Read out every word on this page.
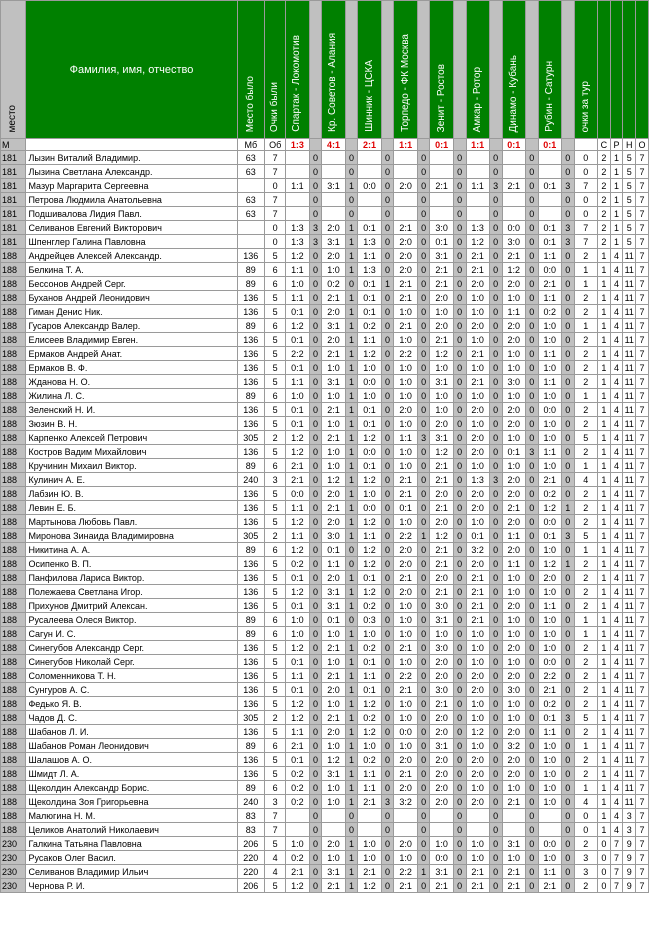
место	Фамилия, имя, отчество	Место было	Очки были	Спартак - Локомотив		Кр. Советов - Алания		Шинник - ЦСКА		Торпедо - ФК Москва		Зенит - Ростов		Амкар - Ротор		Динамо - Кубань		Рубин - Сатурн		очки за тур				
М		Мб	Об	1:3		4:1		2:1		1:1		0:1		1:1		0:1		0:1			С	Р	Н	О
181	Лызин Виталий Владимир.	63	7		0		0		0		0		0		0		0		0	0	2	1	5	7
181	Лызина Светлана Александр.	63	7		0		0		0		0		0		0		0		0	0	2	1	5	7
181	Мазур Маргарита Сергеевна		0	1:1	0	3:1	1	0:0	0	2:0	0	2:1	0	1:1	3	2:1	0	0:1	3	7	2	1	5	7
181	Петрова Людмила Анатольевна	63	7		0		0		0		0		0		0		0		0	0	2	1	5	7
181	Подшивалова Лидия Павл.	63	7		0		0		0		0		0		0		0		0	0	2	1	5	7
181	Селиванов Евгений Викторович		0	1:3	3	2:0	1	0:1	0	2:1	0	3:0	0	1:3	0	0:0	0	0:1	3	7	2	1	5	7
181	Шпенглер Галина Павловна		0	1:3	3	3:1	1	1:3	0	2:0	0	0:1	0	1:2	0	3:0	0	0:1	3	7	2	1	5	7
188	Андрейцев Алексей Александр.	136	5	1:2	0	2:0	1	1:1	0	2:0	0	3:1	0	2:1	0	2:1	0	1:1	0	2	1	4	11	7
188	Белкина Т. А.	89	6	1:1	0	1:0	1	1:3	0	2:0	0	2:1	0	2:1	0	1:2	0	0:0	0	1	1	4	11	7
188	Бессонов Андрей Серг.	89	6	1:0	0	0:2	0	0:1	1	2:1	0	2:1	0	2:0	0	2:0	0	2:1	0	1	1	4	11	7
188	Буханов Андрей Леонидович	136	5	1:1	0	2:1	1	0:1	0	2:1	0	2:0	0	1:0	0	1:0	0	1:1	0	2	1	4	11	7
188	Гиман Денис Ник.	136	5	0:1	0	2:0	1	0:1	0	1:0	0	1:0	0	1:0	0	1:1	0	0:2	0	2	1	4	11	7
188	Гусаров Александр Валер.	89	6	1:2	0	3:1	1	0:2	0	2:1	0	2:0	0	2:0	0	2:0	0	1:0	0	1	1	4	11	7
188	Елисеев Владимир Евген.	136	5	0:1	0	2:0	1	1:1	0	1:0	0	2:1	0	1:0	0	2:0	0	1:0	0	2	1	4	11	7
188	Ермаков Андрей Анат.	136	5	2:2	0	2:1	1	1:2	0	2:2	0	1:2	0	2:1	0	1:0	0	1:1	0	2	1	4	11	7
188	Ермаков В. Ф.	136	5	0:1	0	1:0	1	1:0	0	1:0	0	1:0	0	1:0	0	1:0	0	1:0	0	2	1	4	11	7
188	Жданова Н. О.	136	5	1:1	0	3:1	1	0:0	0	1:0	0	3:1	0	2:1	0	3:0	0	1:1	0	2	1	4	11	7
188	Жилина Л. С.	89	6	1:0	0	1:0	1	1:0	0	1:0	0	1:0	0	1:0	0	1:0	0	1:0	0	1	1	4	11	7
188	Зеленский Н. И.	136	5	0:1	0	2:1	1	0:1	0	2:0	0	1:0	0	2:0	0	2:0	0	0:0	0	2	1	4	11	7
188	Зюзин В. Н.	136	5	0:1	0	1:0	1	0:1	0	1:0	0	2:0	0	1:0	0	2:0	0	1:0	0	2	1	4	11	7
188	Карпенко Алексей Петрович	305	2	1:2	0	2:1	1	1:2	0	1:1	3	3:1	0	2:0	0	1:0	0	1:0	0	5	1	4	11	7
188	Костров Вадим Михайлович	136	5	1:2	0	1:0	1	0:0	0	1:0	0	1:2	0	2:0	0	0:1	3	1:1	0	2	1	4	11	7
188	Кручинин Михаил Виктор.	89	6	2:1	0	1:0	1	0:1	0	1:0	0	2:1	0	1:0	0	1:0	0	1:0	0	1	1	4	11	7
188	Кулинич А. Е.	240	3	2:1	0	1:2	1	1:2	0	2:1	0	2:1	0	1:3	3	2:0	0	2:1	0	4	1	4	11	7
188	Лабзин Ю. В.	136	5	0:0	0	2:0	1	1:0	0	2:1	0	2:0	0	2:0	0	2:0	0	0:2	0	2	1	4	11	7
188	Левин Е. Б.	136	5	1:1	0	2:1	1	0:0	0	0:1	0	2:1	0	2:0	0	2:1	0	1:2	1	2	1	4	11	7
188	Мартынова Любовь Павл.	136	5	1:2	0	2:0	1	1:2	0	1:0	0	2:0	0	1:0	0	2:0	0	0:0	0	2	1	4	11	7
188	Миронова Зинаида Владимировна	305	2	1:1	0	3:0	1	1:1	0	2:2	1	1:2	0	0:1	0	1:1	0	0:1	3	5	1	4	11	7
188	Никитина А. А.	89	6	1:2	0	0:1	0	1:2	0	2:0	0	2:1	0	3:2	0	2:0	0	1:0	0	1	1	4	11	7
188	Осипенко В. П.	136	5	0:2	0	1:1	0	1:2	0	2:0	0	2:1	0	2:0	0	1:1	0	1:2	1	2	1	4	11	7
188	Панфилова Лариса Виктор.	136	5	0:1	0	2:0	1	0:1	0	2:1	0	2:0	0	2:1	0	1:0	0	2:0	0	2	1	4	11	7
188	Полежаева Светлана Игор.	136	5	1:2	0	3:1	1	1:2	0	2:0	0	2:1	0	2:1	0	1:0	0	1:0	0	2	1	4	11	7
188	Прихунов Дмитрий Алексан.	136	5	0:1	0	3:1	1	0:2	0	1:0	0	3:0	0	2:1	0	2:0	0	1:1	0	2	1	4	11	7
188	Русалеева Олеся Виктор.	89	6	1:0	0	0:1	0	0:3	0	1:0	0	3:1	0	2:1	0	1:0	0	1:0	0	1	1	4	11	7
188	Сагун И. С.	89	6	1:0	0	1:0	1	1:0	0	1:0	0	1:0	0	1:0	0	1:0	0	1:0	0	1	1	4	11	7
188	Синегубов Александр Серг.	136	5	1:2	0	2:1	1	0:2	0	2:1	0	3:0	0	1:0	0	2:0	0	1:0	0	2	1	4	11	7
188	Синегубов Николай Серг.	136	5	0:1	0	1:0	1	0:1	0	1:0	0	2:0	0	1:0	0	1:0	0	0:0	0	2	1	4	11	7
188	Соломенникова Т. Н.	136	5	1:1	0	2:1	1	1:1	0	2:2	0	2:0	0	2:0	0	2:0	0	2:2	0	2	1	4	11	7
188	Сунгуров А. С.	136	5	0:1	0	2:0	1	0:1	0	2:1	0	3:0	0	2:0	0	3:0	0	2:1	0	2	1	4	11	7
188	Федько Я. В.	136	5	1:2	0	1:0	1	1:2	0	1:0	0	2:1	0	1:0	0	1:0	0	0:2	0	2	1	4	11	7
188	Чадов Д. С.	305	2	1:2	0	2:1	1	0:2	0	1:0	0	2:0	0	1:0	0	1:0	0	0:1	3	5	1	4	11	7
188	Шабанов Л. И.	136	5	1:1	0	2:0	1	1:2	0	0:0	0	2:0	0	1:2	0	2:0	0	1:1	0	2	1	4	11	7
188	Шабанов Роман Леонидович	89	6	2:1	0	1:0	1	1:0	0	1:0	0	3:1	0	1:0	0	3:2	0	1:0	0	1	1	4	11	7
188	Шалашов А. О.	136	5	0:1	0	1:2	1	0:2	0	2:0	0	2:0	0	2:0	0	2:0	0	1:0	0	2	1	4	11	7
188	Шмидт Л. А.	136	5	0:2	0	3:1	1	1:1	0	2:1	0	2:0	0	2:0	0	2:0	0	1:0	0	2	1	4	11	7
188	Щеколдин Александр Борис.	89	6	0:2	0	1:0	1	1:1	0	2:0	0	2:0	0	1:0	0	1:0	0	1:0	0	1	1	4	11	7
188	Щеколдина Зоя Григорьевна	240	3	0:2	0	1:0	1	2:1	3	3:2	0	2:0	0	2:0	0	2:1	0	1:0	0	4	1	4	11	7
188	Малюгина Н. М.	83	7		0		0		0		0		0		0		0		0	0	1	4	3	7
188	Целиков Анатолий Николаевич	83	7		0		0		0		0		0		0		0		0	0	1	4	3	7
230	Галкина Татьяна Павловна	206	5	1:0	0	2:0	1	1:0	0	2:0	0	1:0	0	1:0	0	3:1	0	0:0	0	2	0	7	9	7
230	Русаков Олег Васил.	220	4	0:2	0	1:0	1	1:0	0	1:0	0	0:0	0	1:0	0	1:0	0	1:0	0	3	0	7	9	7
230	Селиванов Владимир Ильич	220	4	2:1	0	3:1	1	2:1	0	2:2	1	3:1	0	2:1	0	2:1	0	1:1	0	3	0	7	9	7
230	Чернова Р. И.	206	5	1:2	0	2:1	1	1:2	0	2:1	0	2:1	0	2:1	0	2:1	0	2:1	0	2	0	7	9	7
